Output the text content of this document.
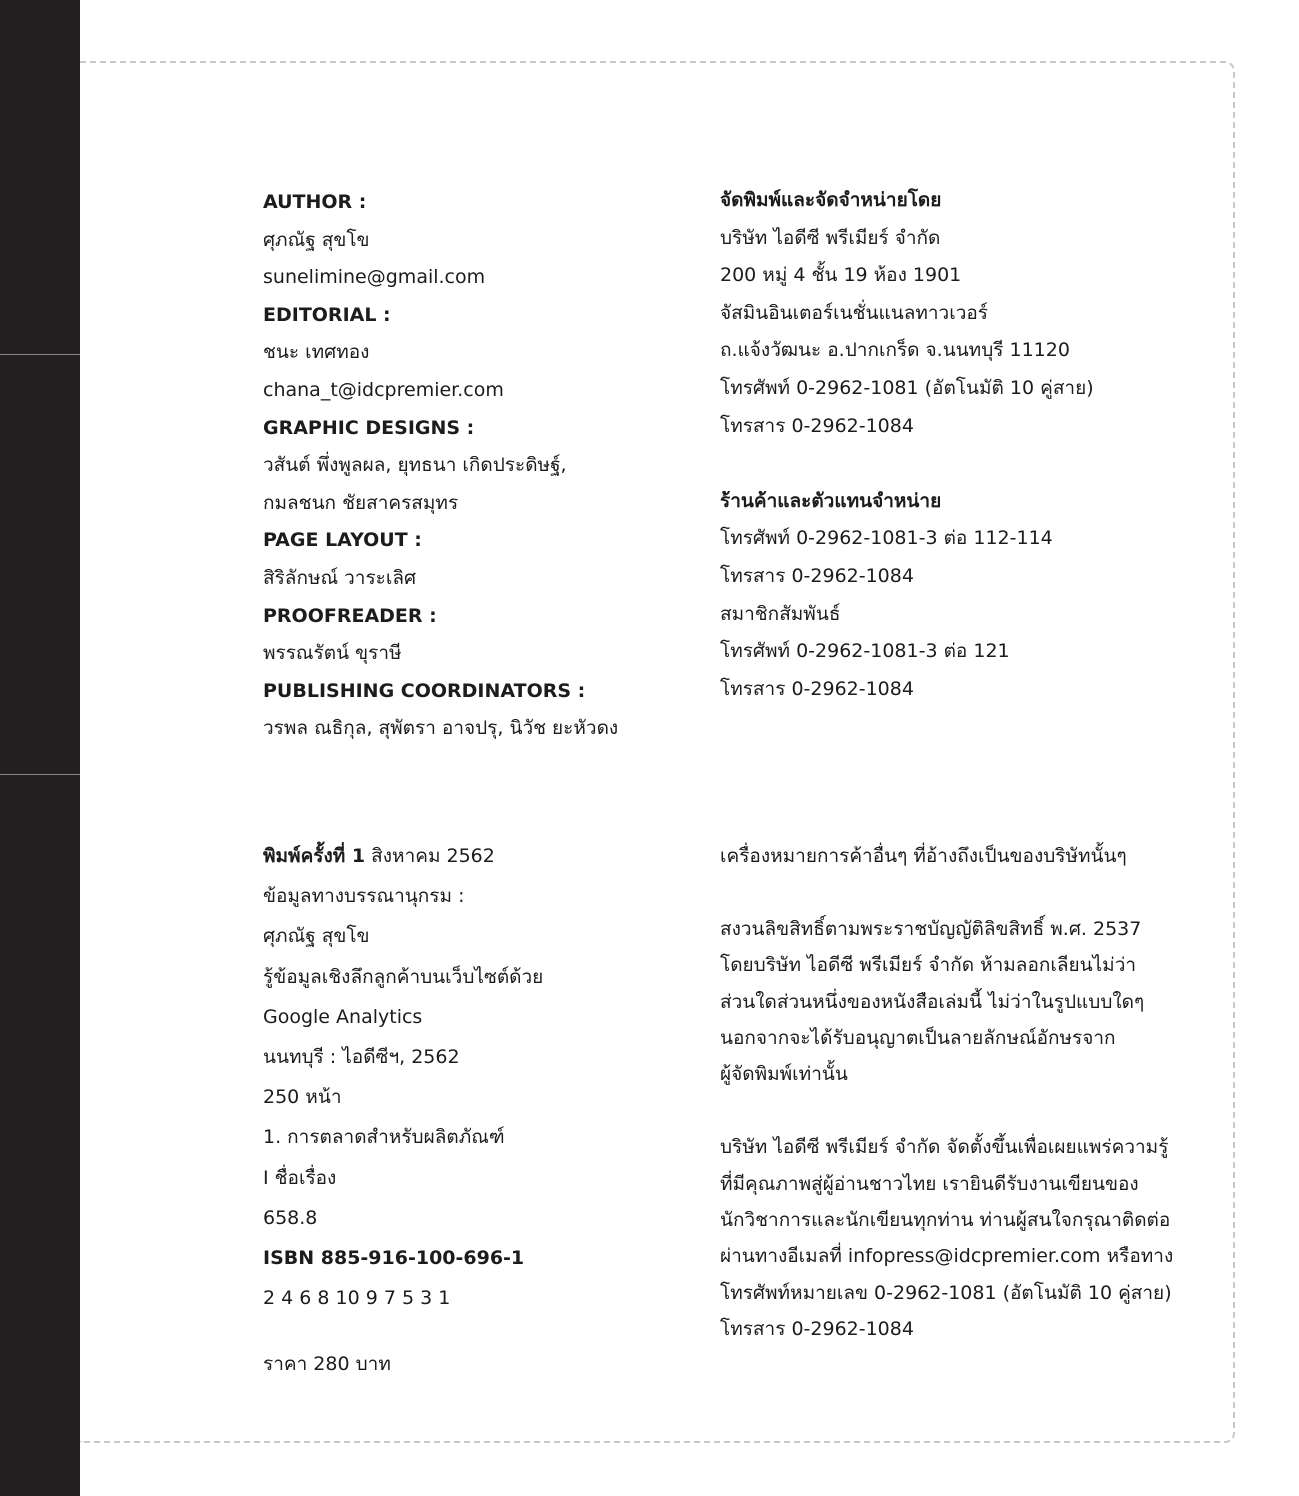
AUTHOR :
ศุภณัฐ สุขโข
sunelimine@gmail.com
EDITORIAL :
ชนะ เทศทอง
chana_t@idcpremier.com
GRAPHIC DESIGNS :
วสันต์ พึ่งพูลผล, ยุทธนา เกิดประดิษฐ์,
กมลชนก ชัยสาครสมุทร
PAGE LAYOUT :
สิริลักษณ์ วาระเลิศ
PROOFREADER :
พรรณรัตน์ ขุราษี
PUBLISHING COORDINATORS :
วรพล ณธิกุล, สุพัตรา อาจปรุ, นิวัช ยะหัวดง
จัดพิมพ์และจัดจำหน่ายโดย
บริษัท ไอดีซี พรีเมียร์ จำกัด
200 หมู่ 4 ชั้น 19 ห้อง 1901
จัสมินอินเตอร์เนชั่นแนลทาวเวอร์
ถ.แจ้งวัฒนะ อ.ปากเกร็ด จ.นนทบุรี 11120
โทรศัพท์ 0-2962-1081 (อัตโนมัติ 10 คู่สาย)
โทรสาร 0-2962-1084
ร้านค้าและตัวแทนจำหน่าย
โทรศัพท์ 0-2962-1081-3 ต่อ 112-114
โทรสาร 0-2962-1084
สมาชิกสัมพันธ์
โทรศัพท์ 0-2962-1081-3 ต่อ 121
โทรสาร 0-2962-1084
พิมพ์ครั้งที่ 1 สิงหาคม 2562
ข้อมูลทางบรรณานุกรม :
ศุภณัฐ สุขโข
รู้ข้อมูลเชิงลึกลูกค้าบนเว็บไซต์ด้วย
Google Analytics
นนทบุรี : ไอดีซีฯ, 2562
250 หน้า
1. การตลาดสำหรับผลิตภัณฑ์
I ชื่อเรื่อง
658.8
ISBN 885-916-100-696-1
2 4 6 8 10 9 7 5 3 1
ราคา 280 บาท
เครื่องหมายการค้าอื่นๆ ที่อ้างถึงเป็นของบริษัทนั้นๆ
สงวนลิขสิทธิ์ตามพระราชบัญญัติลิขสิทธิ์ พ.ศ. 2537
โดยบริษัท ไอดีซี พรีเมียร์ จำกัด ห้ามลอกเลียนไม่ว่า
ส่วนใดส่วนหนึ่งของหนังสือเล่มนี้ ไม่ว่าในรูปแบบใดๆ
นอกจากจะได้รับอนุญาตเป็นลายลักษณ์อักษรจาก
ผู้จัดพิมพ์เท่านั้น
บริษัท ไอดีซี พรีเมียร์ จำกัด จัดตั้งขึ้นเพื่อเผยแพร่ความรู้
ที่มีคุณภาพสู่ผู้อ่านชาวไทย เรายินดีรับงานเขียนของ
นักวิชาการและนักเขียนทุกท่าน ท่านผู้สนใจกรุณาติดต่อ
ผ่านทางอีเมลที่ infopress@idcpremier.com หรือทาง
โทรศัพท์หมายเลข 0-2962-1081 (อัตโนมัติ 10 คู่สาย)
โทรสาร 0-2962-1084
